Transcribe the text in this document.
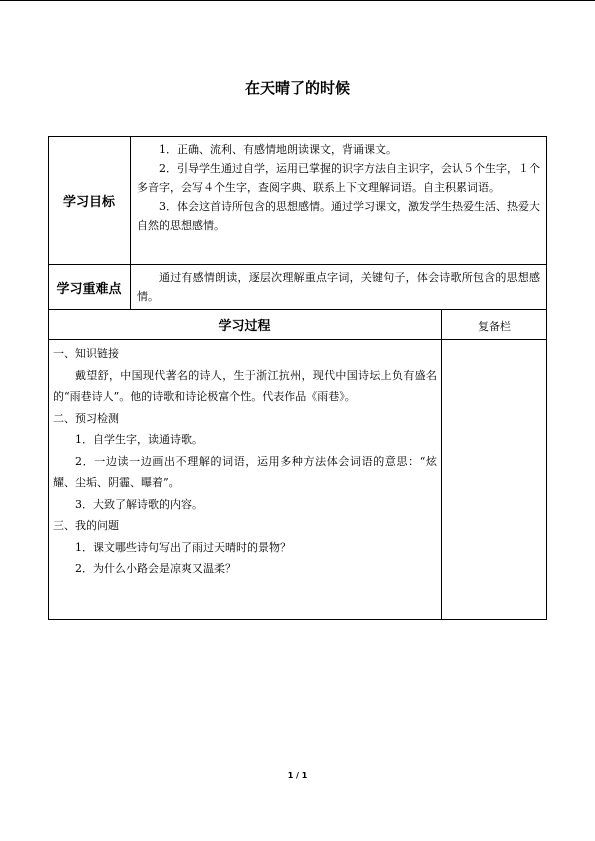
在天晴了的时候
学习目标

1．正确、流利、有感情地朗读课文，背诵课文。

2．引导学生通过自学，运用已掌握的识字方法自主识字，会认５个生字，１个多音字，会写４个生字，查阅字典、联系上下文理解词语。自主积累词语。

3．体会这首诗所包含的思想感情。通过学习课文，激发学生热爱生活、热爱大自然的思想感情。

学习重难点

通过有感情朗读，逐层次理解重点字词，关键句子，体会诗歌所包含的思想感情。

学习过程	复备栏

一、知识链接

戴望舒，中国现代著名的诗人，生于浙江抗州，现代中国诗坛上负有盛名的“雨巷诗人”。他的诗歌和诗论极富个性。代表作品《雨巷》。

二、预习检测

1．自学生字，读通诗歌。

2．一边读一边画出不理解的词语，运用多种方法体会词语的意思：“炫耀、尘垢、阴霾、曝着”。

3．大致了解诗歌的内容。

三、我的问题

1．课文哪些诗句写出了雨过天晴时的景物？

2．为什么小路会是凉爽又温柔？

1 / 1
